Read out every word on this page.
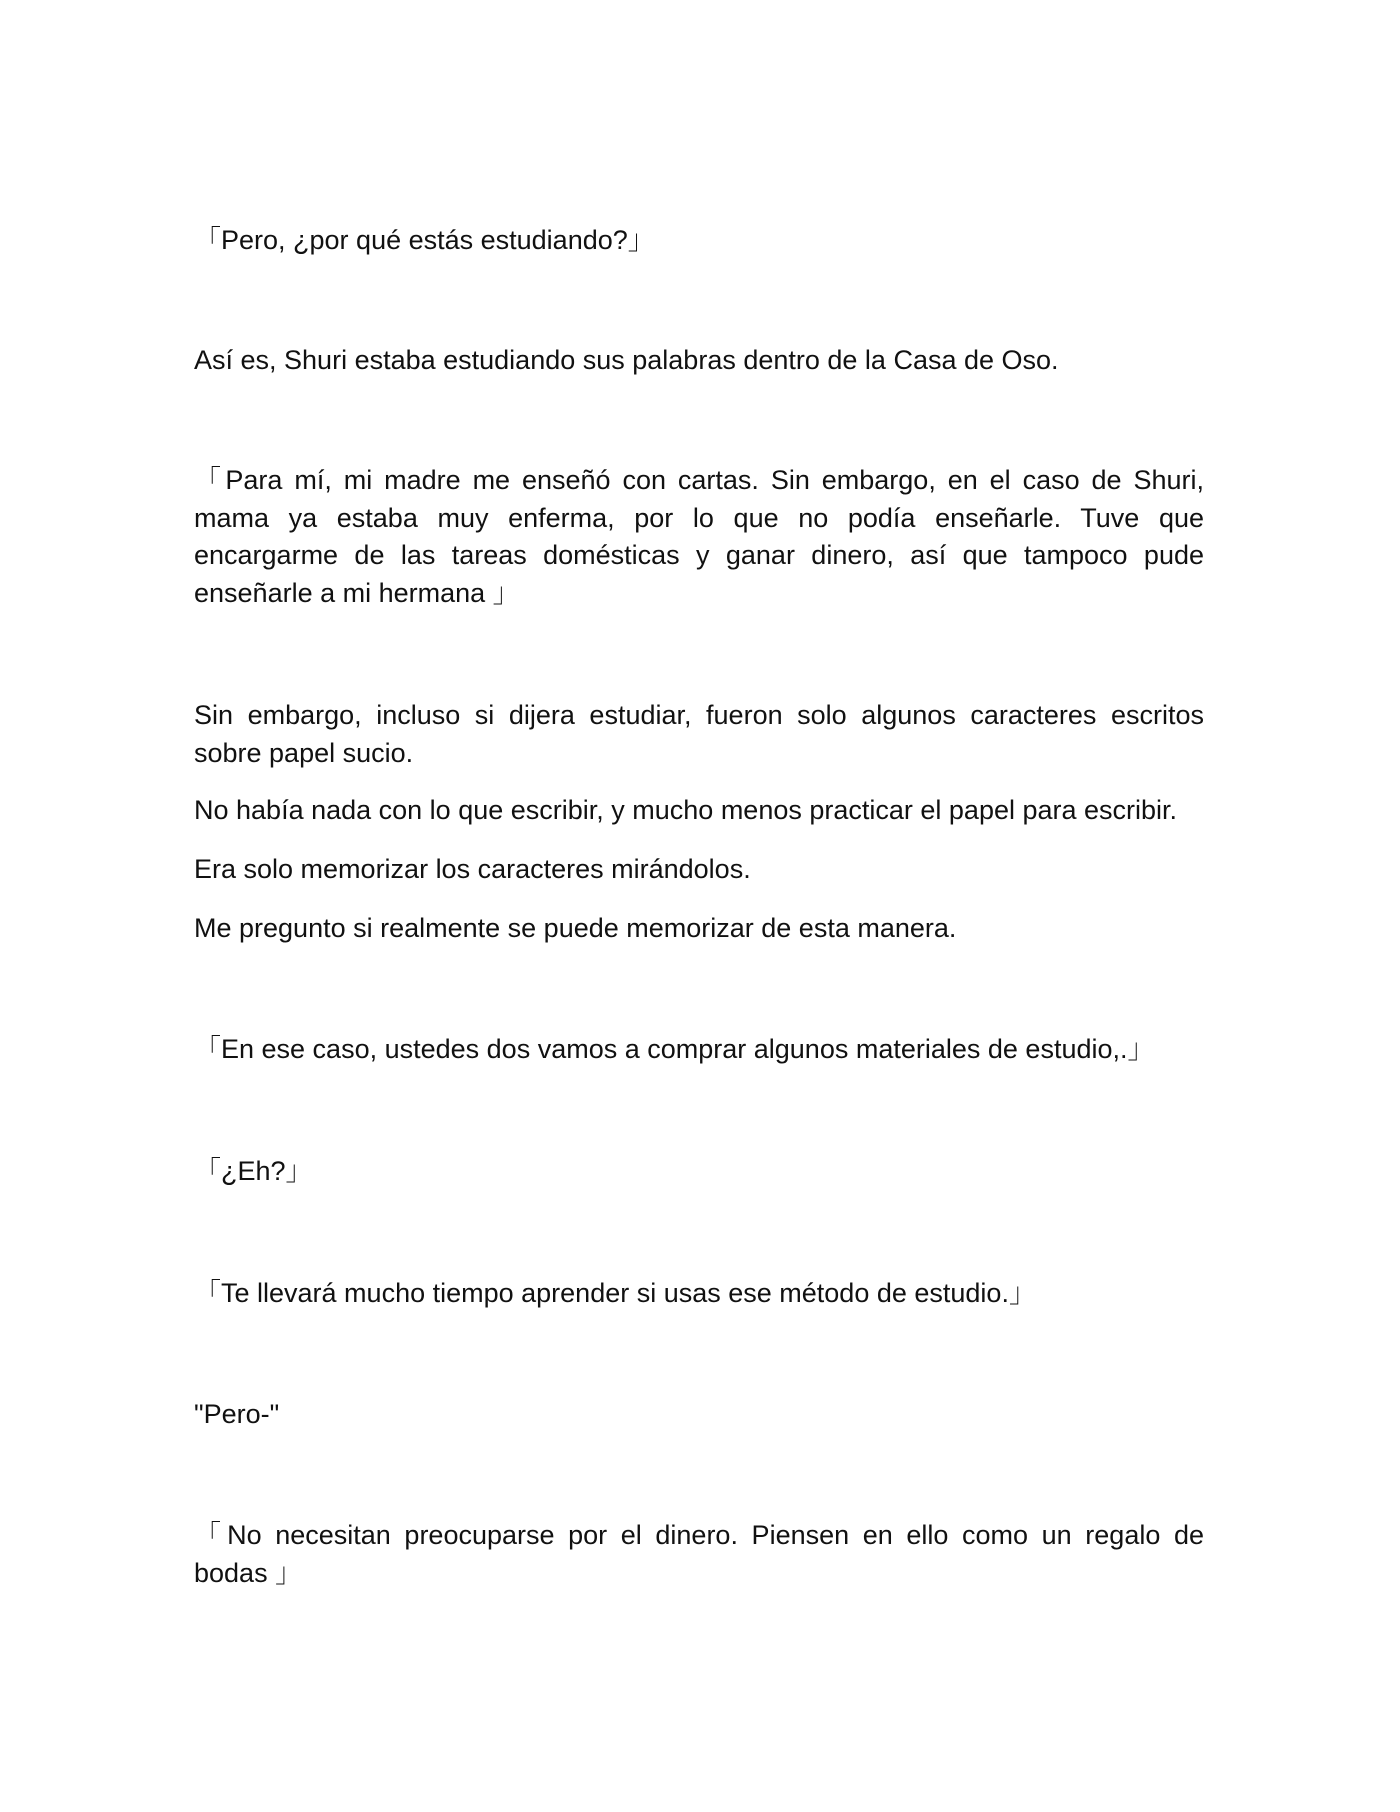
「Pero, ¿por qué estás estudiando?」

Así es, Shuri estaba estudiando sus palabras dentro de la Casa de Oso.

「Para mí, mi madre me enseñó con cartas. Sin embargo, en el caso de Shuri, mama ya estaba muy enferma, por lo que no podía enseñarle. Tuve que encargarme de las tareas domésticas y ganar dinero, así que tampoco pude enseñarle a mi hermana 」

Sin embargo, incluso si dijera estudiar, fueron solo algunos caracteres escritos sobre papel sucio.

No había nada con lo que escribir, y mucho menos practicar el papel para escribir.

Era solo memorizar los caracteres mirándolos.

Me pregunto si realmente se puede memorizar de esta manera.

「En ese caso, ustedes dos vamos a comprar algunos materiales de estudio,.」

「¿Eh?」

「Te llevará mucho tiempo aprender si usas ese método de estudio.」

"Pero-"

「No necesitan preocuparse por el dinero. Piensen en ello como un regalo de bodas 」
